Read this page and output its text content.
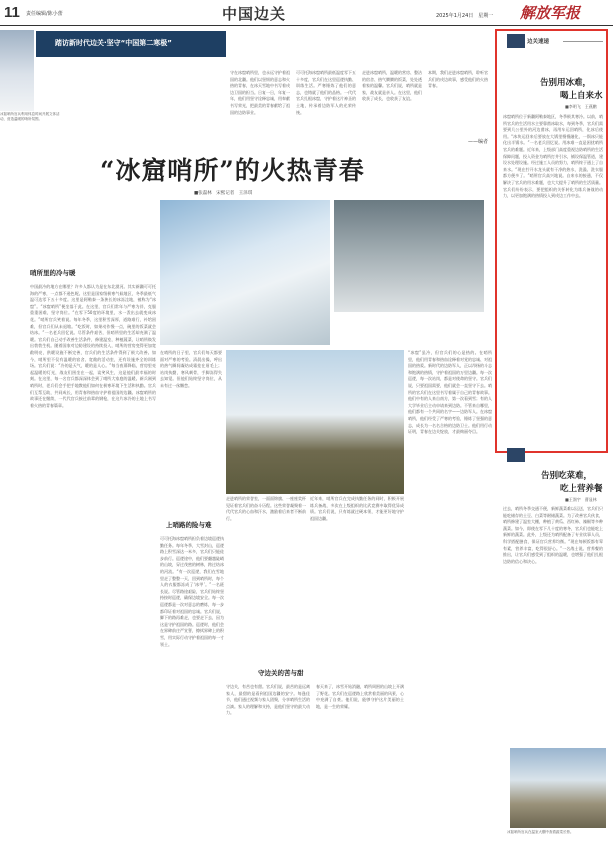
11 责任编辑/陈小蕾	中国边关	2025年1月24日　星期一 解放军报
冰窟哨所官兵利用休息时间开展文体活动，营造温暖的哨所氛围。
踏访新时代边关·坚守“中国第二寒极”
守在冰窟哨所里，也永远守护着祖国的北疆。他们以坚韧的意志和火热的青春，在冰天雪地中书写着戍边卫国的担当。日复一日，年复一年，他们用坚守诠释忠诚，用奉献书写荣光，把最美的青春献给了祖国的边防事业。
可可托海冰窟哨所最低温度零下五十多度，官兵们在这里巡逻执勤、训练生活。严寒锤炼了他们的意志，也铸就了他们的品格。一代代官兵扎根冰窟，守护着这片神圣的土地，传承着边防军人的光荣传统。
走进冰窟哨所，温暖的营房、整洁的宿舍、热气腾腾的饭菜，处处透着家的温馨。官兵们说，哨所就是家，战友就是亲人。在这里，他们收获了成长，也收获了友谊。
本期，我们走进冰窟哨所，聆听官兵们的戍边故事，感受他们的火热青春。
——编者
“冰窟哨所”的火热青春
■张磊林　宋熙记者　王泽琪
哨所里的冷与暖
中国最冷的地方在哪里？许多人都认为是在东北漠河。其实新疆可可托海的严寒，一点都不逊色呢。这里是国家级极寒气候地区，冬季最低气温可达零下五十多度。这里是阿勒泰一条狭长的冰冻洼地，被称为“冰窟”。“冰窟哨所”便坐落于此。在这里，官兵们常年与严寒为伴，克服重重困难，坚守岗位。“在零下50度的环境里，水一泼出去就变成冰花。”哨所官兵笑着说。每年冬季，这里积雪深厚，道路难行，补给困难，但官兵们从未退缩。“吃饭时，如果动作慢一点，碗里的饭菜就会结冰。”一名老兵回忆说。尽管条件艰苦，但哨所里的生活却充满了温暖。官兵们自己动手改善生活条件，修建温室，种植蔬菜，让哨所焕发出勃勃生机。随着国家对边防建设的持续投入，哨所的营房变得更加宽敞明亮，供暖设施不断完善，官兵们的生活条件得到了极大改善。如今，哨所里不仅有温暖的宿舍、宽敞的活动室，还有设施齐全的训练场。官兵们说：“冷的是天气，暖的是人心。”每当夜幕降临，营房里亮起温暖的灯光，战友们围坐在一起，谈笑风生，这是他们最幸福的时刻。在这里，每一名官兵都深深体会到了哨所大家庭的温暖。新兵刚到哨所时，老兵们会手把手地教他们如何在极寒环境下生活和执勤。官兵们互帮互助，共同成长，用青春和热血守护着祖国的边疆。冰窟哨所的故事还在继续，一代代官兵接过前辈的钢枪，在这片冰冷的土地上书写着火热的青春篇章。
在哨所的日子里，官兵们每天都要面对严寒的考验。清晨出操，呼出的热气瞬间凝结成霜挂在眉毛上；站岗执勤，寒风刺骨，手脚冻得失去知觉。但他们始终坚守岗位，从未有过一丝懈怠。
上哨路的险与难
可可托海冰窟哨所担负着边境巡逻执勤任务。每年冬季，大雪封山，巡逻路上积雪深达一米多，官兵们只能徒步前行。巡逻途中，他们要翻越陡峭的山坡，穿过茂密的树林，跨过结冰的河流。“有一次巡逻，我们在雪地里走了整整一天，回到哨所时，每个人的衣服都冻成了‘冰甲’。”一名班长说。尽管路途艰险，官兵们始终坚持按时巡逻，确保边境安全。每一次巡逻都是一次对意志的磨炼，每一步都印证着对祖国的忠诚。官兵们说，脚下的路再难走，也要走下去，因为这是守护祖国的路。巡逻时，他们会在界碑前庄严宣誓，擦拭界碑上的积雪，用实际行动守护着祖国的每一寸领土。
走进哨所的荣誉室，一面面锦旗、一座座奖杯见证着官兵们的奋斗历程。这些荣誉凝聚着一代代官兵的心血和汗水，激励着后来者不断前行。
近年来，哨所官兵在完成执勤任务的同时，积极开展练兵备战，多次在上级组织的比武竞赛中取得优异成绩。官兵们说，只有练就过硬本领，才能更好地守护祖国边疆。
守边关的苦与甜
守边关，有苦也有甜。官兵们说，最苦的是远离家人，最甜的是看到祖国边疆的安宁。每逢佳节，他们通过视频与家人团聚，分享哨所生活的点滴。家人的理解和支持，是他们坚守的最大动力。
春天来了，冰雪开始消融，哨所周围的山坡上开满了野花。官兵们在巡逻路上欣赏着美丽的风景，心中充满了自豪。他们说，能够守护这片美丽的土地，是一生的荣耀。
“冰窟”虽冷，但官兵们的心是热的。在哨所里，他们用青春和热血诠释着对党的忠诚、对祖国的热爱。新时代的边防军人，正以昂扬的斗志和饱满的热情，守护着祖国的万里边疆。每一次巡逻，每一次站岗，都是对使命的坚守。官兵们说，只要祖国需要，他们就会一直坚守下去。哨所的官兵们在这里书写着属于自己的青春故事。他们中有的人来自南方，第一次看到雪；有的人大学毕业后主动申请来到边防。不管来自哪里，他们都有一个共同的名字——边防军人。在冰窟哨所，他们经受了严寒的考验，锤炼了坚强的意志，成长为一名名合格的边防卫士。他们用行动证明，青春在边关绽放，才最绚丽夺目。
边关速递
告别用冰难，
喝上自来水
■李明飞　王燕鹏
冰窟哨所位于新疆阿勒泰地区，冬季极其寒冷。以前，哨所官兵的生活用水主要靠凿冰取水，每到冬季，官兵们需要到几公里外的河边凿冰，再用车运回哨所，化冰后使用。“冰块运回来后要放在大锅里慢慢融化，一锅冰只能化出半锅水。”一名老兵回忆说。用冰难一直是困扰哨所官兵的难题。近年来，上级部门高度重视边防哨所的生活保障问题，投入资金为哨所打井引水，铺设保温管道，建设水处理设施。经过施工人员的努力，哨所终于通上了自来水。“现在拧开水龙头就有干净的热水，洗澡、洗衣服都方便多了。”哨所官兵高兴地说。自来水的接通，不仅解决了官兵的用水难题，也大大提升了哨所的生活质量。官兵们纷纷表示，要把组织的关怀转化为练兵备战的动力，以更加饱满的热情投入到戍边工作中去。
告别吃菜难，
吃上营养餐
■王润宇　曹显林
过去，哨所冬季交通不便，新鲜蔬菜难以运送，官兵们只能吃储存的土豆、白菜等耐储蔬菜。为了改善官兵伙食，哨所修建了温室大棚，种植了黄瓜、西红柿、辣椒等多种蔬菜。如今，即使在零下几十度的寒冬，官兵们也能吃上新鲜的蔬菜。此外，上级还为哨所配备了专业炊事人员，科学搭配膳食，保证官兵营养均衡。“现在每顿饭都有荤有素，营养丰富，吃得很舒心。”一名战士说。营养餐的推出，让官兵们感受到了组织的温暖，也增强了他们扎根边防的信心和决心。
冰窟哨所官兵在温室大棚中查看蔬菜长势。
